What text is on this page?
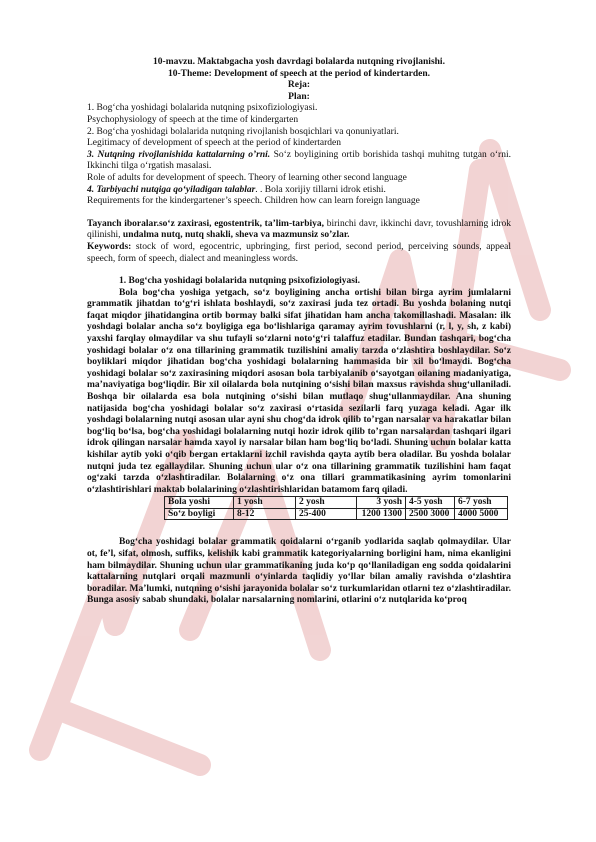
10-mavzu. Maktabgacha yosh davrdagi bolalarda nutqning rivojlanishi.
10-Theme: Development of speech at the period of kindertarden.
Reja:
Plan:

1. Bog‘cha yoshidagi bolalarida nutqning psixofiziologiyasi.

Psychophysiology of speech at the time of kindergarten

2. Bog‘cha yoshidagi bolalarida nutqning rivojlanish bosqichlari va qonuniyatlari.

Legitimacy of development of speech at the period of kindertarden

3. Nutqning rivojlanishida kattalarning o’rni. So‘z boyligining ortib borishida tashqi muhitng tutgan o‘rni. Ikkinchi tilga o‘rgatish masalasi.

Role of adults for development of speech. Theory of learning other second language

4. Tarbiyachi nutqiga qo‘yiladigan talablar. . Bola xorijiy tillarni idrok etishi.

Requirements for the kindergartener’s speech. Children how can learn foreign language

Tayanch iboralar.so‘z zaxirasi, egostentrik, ta’lim-tarbiya, birinchi davr, ikkinchi davr, tovushlarning idrok qilinishi, undalma nutq, nutq shakli, sheva va mazmunsiz so’zlar.

Keywords: stock of word, egocentric, upbringing, first period, second period, perceiving sounds, appeal speech, form of speech, dialect and meaningless words.

1. Bog‘cha yoshidagi bolalarida nutqning psixofiziologiyasi.

Bola bog‘cha yoshiga yetgach, so‘z boyligining ancha ortishi bilan birga ayrim jumlalarni grammatik jihatdan to‘g‘ri ishlata boshlaydi, so‘z zaxirasi juda tez ortadi. Bu yoshda bolaning nutqi faqat miqdor jihatidangina ortib bormay balki sifat jihatidan ham ancha takomillashadi. Masalan: ilk yoshdagi bolalar ancha so‘z boyligiga ega bo‘lishlariga qaramay ayrim tovushlarni (r, l, y, sh, z kabi) yaxshi farqlay olmaydilar va shu tufayli so‘zlarni noto‘g‘ri talaffuz etadilar. Bundan tashqari, bog‘cha yoshidagi bolalar o‘z ona tillarining grammatik tuzilishini amaliy tarzda o‘zlashtira boshlaydilar. So‘z boyliklari miqdor jihatidan bog‘cha yoshidagi bolalarning hammasida bir xil bo‘lmaydi. Bog‘cha yoshidagi bolalar so‘z zaxirasining miqdori asosan bola tarbiyalanib o‘sayotgan oilaning madaniyatiga, ma’naviyatiga bog‘liqdir. Bir xil oilalarda bola nutqining o‘sishi bilan maxsus ravishda shug‘ullaniladi. Boshqa bir oilalarda esa bola nutqining o‘sishi bilan mutlaqo shug‘ullanmaydilar. Ana shuning natijasida bog‘cha yoshidagi bolalar so‘z zaxirasi o‘rtasida sezilarli farq yuzaga keladi. Agar ilk yoshdagi bolalarning nutqi asosan ular ayni shu chog‘da idrok qilib to’rgan narsalar va harakatlar bilan bog‘liq bo‘lsa, bog‘cha yoshidagi bolalarning nutqi hozir idrok qilib to’rgan narsalardan tashqari ilgari idrok qilingan narsalar hamda xayol iy narsalar bilan ham bog‘liq bo‘ladi. Shuning uchun bolalar katta kishilar aytib yoki o‘qib bergan ertaklarni izchil ravishda qayta aytib bera oladilar. Bu yoshda bolalar nutqni juda tez egallaydilar. Shuning uchun ular o‘z ona tillarining grammatik tuzilishini ham faqat og‘zaki tarzda o‘zlashtiradilar. Bolalarning o‘z ona tillari grammatikasining ayrim tomonlarini o‘zlashtirishlari maktab bolalarining o‘zlashtirishlaridan batamom farq qiladi.

Bola yoshi	1 yosh	2 yosh	3 yosh	4-5 yosh	6-7 yosh
So‘z boyligi	8-12	25-400	1200 1300	2500 3000	4000 5000

Bog‘cha yoshidagi bolalar grammatik qoidalarni o‘rganib yodlarida saqlab qolmaydilar. Ular ot, fe’l, sifat, olmosh, suffiks, kelishik kabi grammatik kategoriyalarning borligini ham, nima ekanligini ham bilmaydilar. Shuning uchun ular grammatikaning juda ko‘p qo‘llaniladigan eng sodda qoidalarini kattalarning nutqlari orqali mazmunli o‘yinlarda taqlidiy yo‘llar bilan amaliy ravishda o‘zlashtira boradilar. Ma’lumki, nutqning o‘sishi jarayonida bolalar so‘z turkumlaridan otlarni tez o‘zlashtiradilar. Bunga asosiy sabab shundaki, bolalar narsalarning nomlarini, otlarini o‘z nutqlarida ko‘proq
